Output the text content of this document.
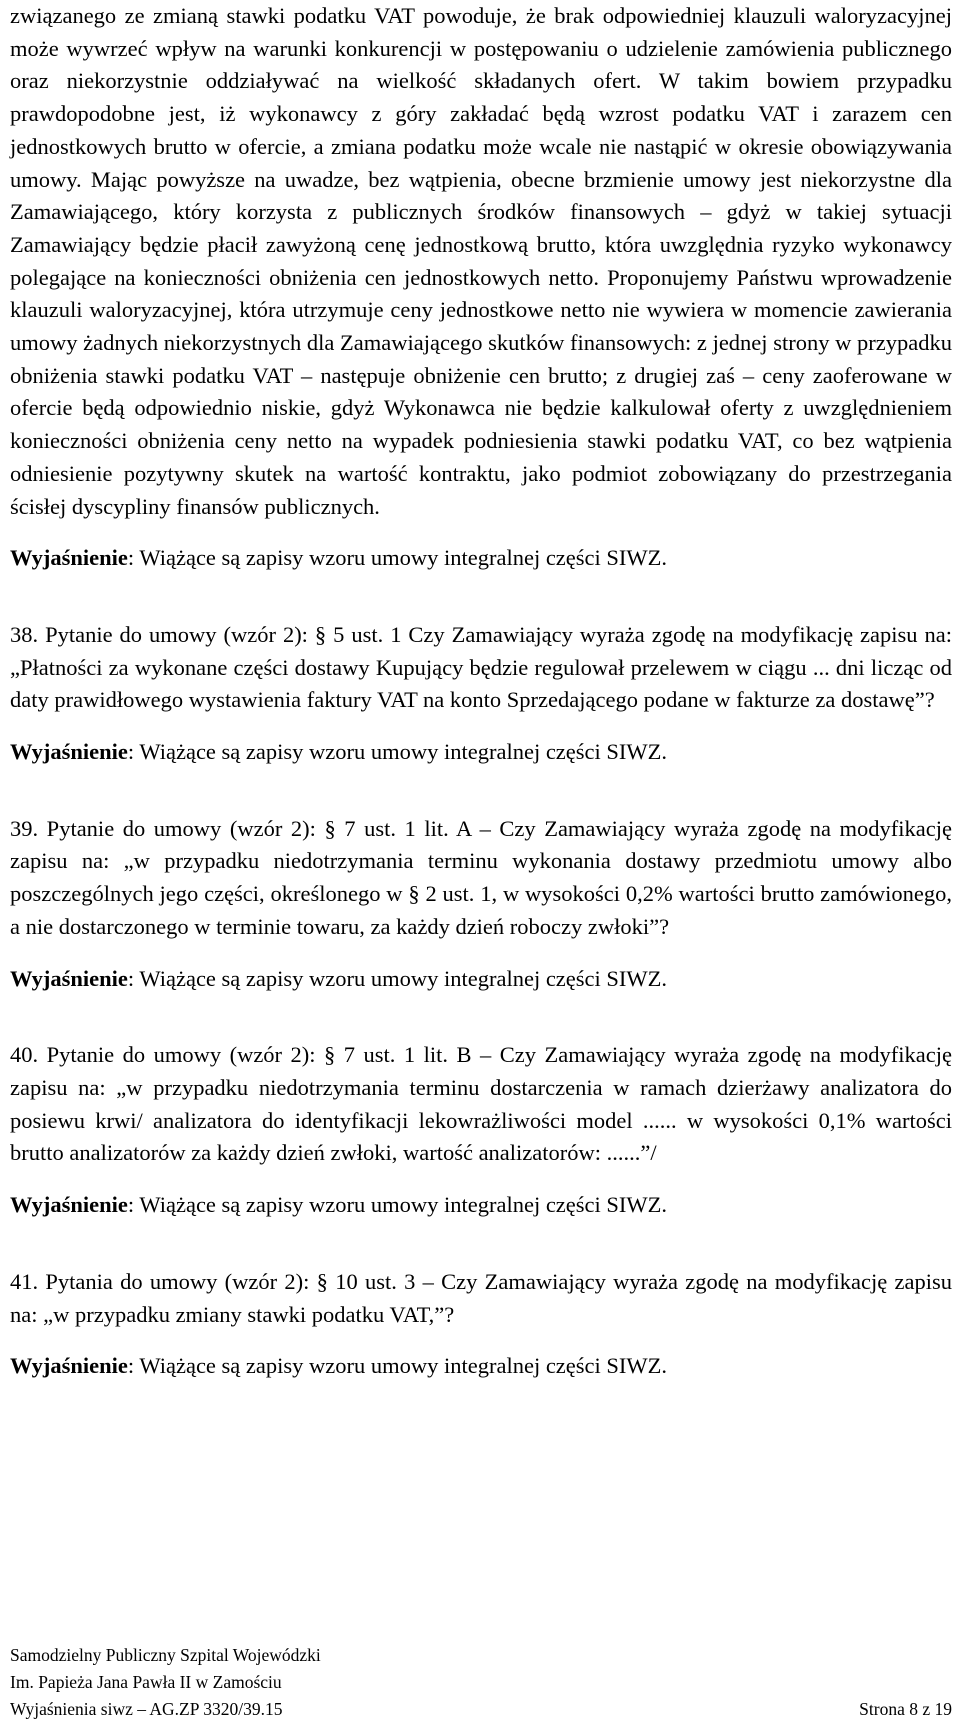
związanego ze zmianą stawki podatku VAT powoduje, że brak odpowiedniej klauzuli waloryzacyjnej może wywrzeć wpływ na warunki konkurencji w postępowaniu o udzielenie zamówienia publicznego oraz niekorzystnie oddziaływać na wielkość składanych ofert. W takim bowiem przypadku prawdopodobne jest, iż wykonawcy z góry zakładać będą wzrost podatku VAT i zarazem cen jednostkowych brutto w ofercie, a zmiana podatku może wcale nie nastąpić w okresie obowiązywania umowy. Mając powyższe na uwadze, bez wątpienia, obecne brzmienie umowy jest niekorzystne dla Zamawiającego, który korzysta z publicznych środków finansowych – gdyż w takiej sytuacji Zamawiający będzie płacił zawyżoną cenę jednostkową brutto, która uwzględnia ryzyko wykonawcy polegające na konieczności obniżenia cen jednostkowych netto. Proponujemy Państwu wprowadzenie klauzuli waloryzacyjnej, która utrzymuje ceny jednostkowe netto nie wywiera w momencie zawierania umowy żadnych niekorzystnych dla Zamawiającego skutków finansowych: z jednej strony w przypadku obniżenia stawki podatku VAT – następuje obniżenie cen brutto; z drugiej zaś – ceny zaoferowane w ofercie będą odpowiednio niskie, gdyż Wykonawca nie będzie kalkulował oferty z uwzględnieniem konieczności obniżenia ceny netto na wypadek podniesienia stawki podatku VAT, co bez wątpienia odniesienie pozytywny skutek na wartość kontraktu, jako podmiot zobowiązany do przestrzegania ścisłej dyscypliny finansów publicznych.

Wyjaśnienie: Wiążące są zapisy wzoru umowy integralnej części SIWZ.

38. Pytanie do umowy (wzór 2): § 5 ust. 1 Czy Zamawiający wyraża zgodę na modyfikację zapisu na: „Płatności za wykonane części dostawy Kupujący będzie regulował przelewem w ciągu ... dni licząc od daty prawidłowego wystawienia faktury VAT na konto Sprzedającego podane w fakturze za dostawę”?

Wyjaśnienie: Wiążące są zapisy wzoru umowy integralnej części SIWZ.

39. Pytanie do umowy (wzór 2): § 7 ust. 1 lit. A – Czy Zamawiający wyraża zgodę na modyfikację zapisu na: „w przypadku niedotrzymania terminu wykonania dostawy przedmiotu umowy albo poszczególnych jego części, określonego w § 2 ust. 1, w wysokości 0,2% wartości brutto zamówionego, a nie dostarczonego w terminie towaru, za każdy dzień roboczy zwłoki”?

Wyjaśnienie: Wiążące są zapisy wzoru umowy integralnej części SIWZ.

40. Pytanie do umowy (wzór 2): § 7 ust. 1 lit. B – Czy Zamawiający wyraża zgodę na modyfikację zapisu na: „w przypadku niedotrzymania terminu dostarczenia w ramach dzierżawy analizatora do posiewu krwi/ analizatora do identyfikacji lekowrażliwości model ...... w wysokości 0,1% wartości brutto analizatorów za każdy dzień zwłoki, wartość analizatorów: ......”/

Wyjaśnienie: Wiążące są zapisy wzoru umowy integralnej części SIWZ.

41. Pytania do umowy (wzór 2): § 10 ust. 3 – Czy Zamawiający wyraża zgodę na modyfikację zapisu na: „w przypadku zmiany stawki podatku VAT,”?

Wyjaśnienie: Wiążące są zapisy wzoru umowy integralnej części SIWZ.

Samodzielny Publiczny Szpital Wojewódzki
Im. Papieża Jana Pawła II w Zamościu
Wyjaśnienia siwz – AG.ZP 3320/39.15	Strona 8 z 19
